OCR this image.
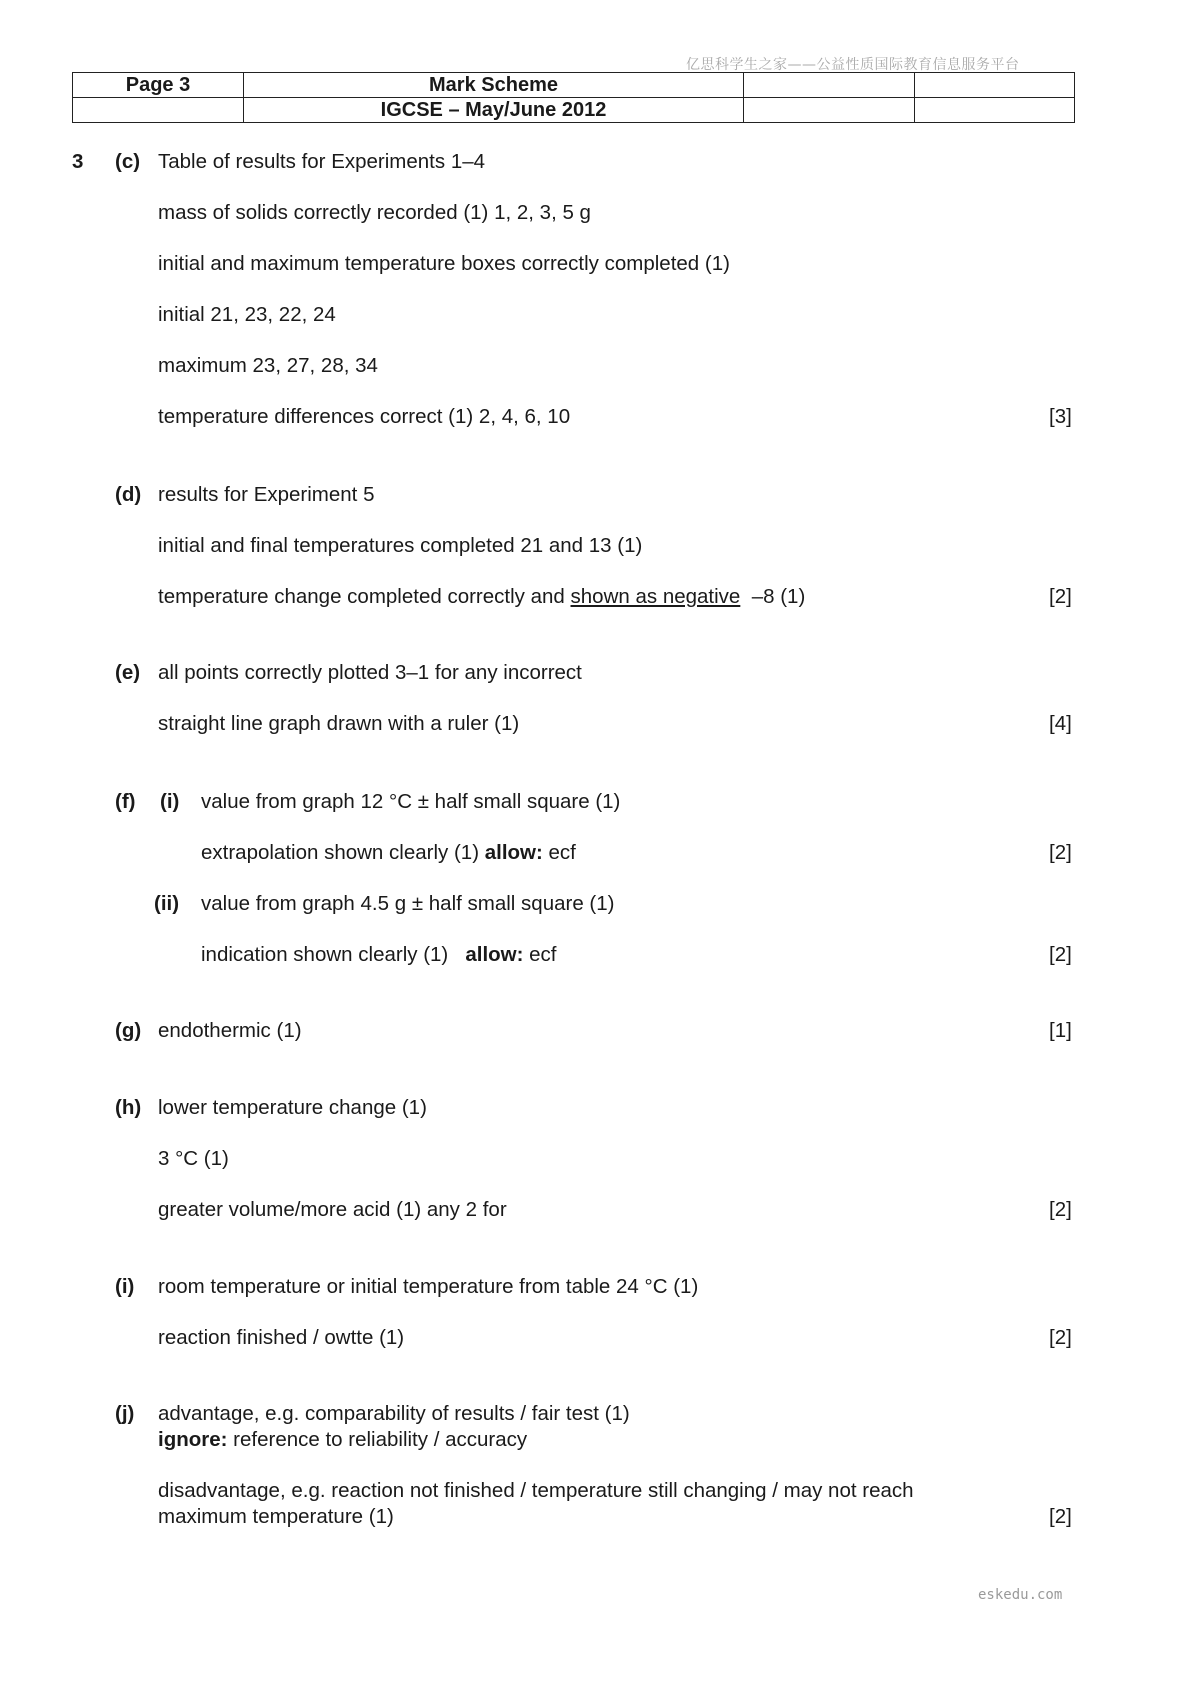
亿思科学生之家——公益性质国际教育信息服务平台
Page 3	Mark Scheme		
	IGCSE – May/June 2012		
3 (c) Table of results for Experiments 1–4
mass of solids correctly recorded (1) 1, 2, 3, 5 g
initial and maximum temperature boxes correctly completed (1)
initial 21, 23, 22, 24
maximum 23, 27, 28, 34
temperature differences correct (1) 2, 4, 6, 10	[3]
(d) results for Experiment 5
initial and final temperatures completed 21 and 13 (1)
temperature change completed correctly and shown as negative  –8 (1)	[2]
(e) all points correctly plotted 3–1 for any incorrect
straight line graph drawn with a ruler (1)	[4]
(f) (i) value from graph 12 °C ± half small square (1)
extrapolation shown clearly (1) allow: ecf	[2]
(ii) value from graph 4.5 g ± half small square (1)
indication shown clearly (1)   allow: ecf	[2]
(g) endothermic (1)	[1]
(h) lower temperature change (1)
3 °C (1)
greater volume/more acid (1) any 2 for	[2]
(i) room temperature or initial temperature from table 24 °C (1)
reaction finished / owtte (1)	[2]
(j) advantage, e.g. comparability of results / fair test (1)
ignore: reference to reliability / accuracy
disadvantage, e.g. reaction not finished / temperature still changing / may not reach
maximum temperature (1)	[2]
eskedu.com
